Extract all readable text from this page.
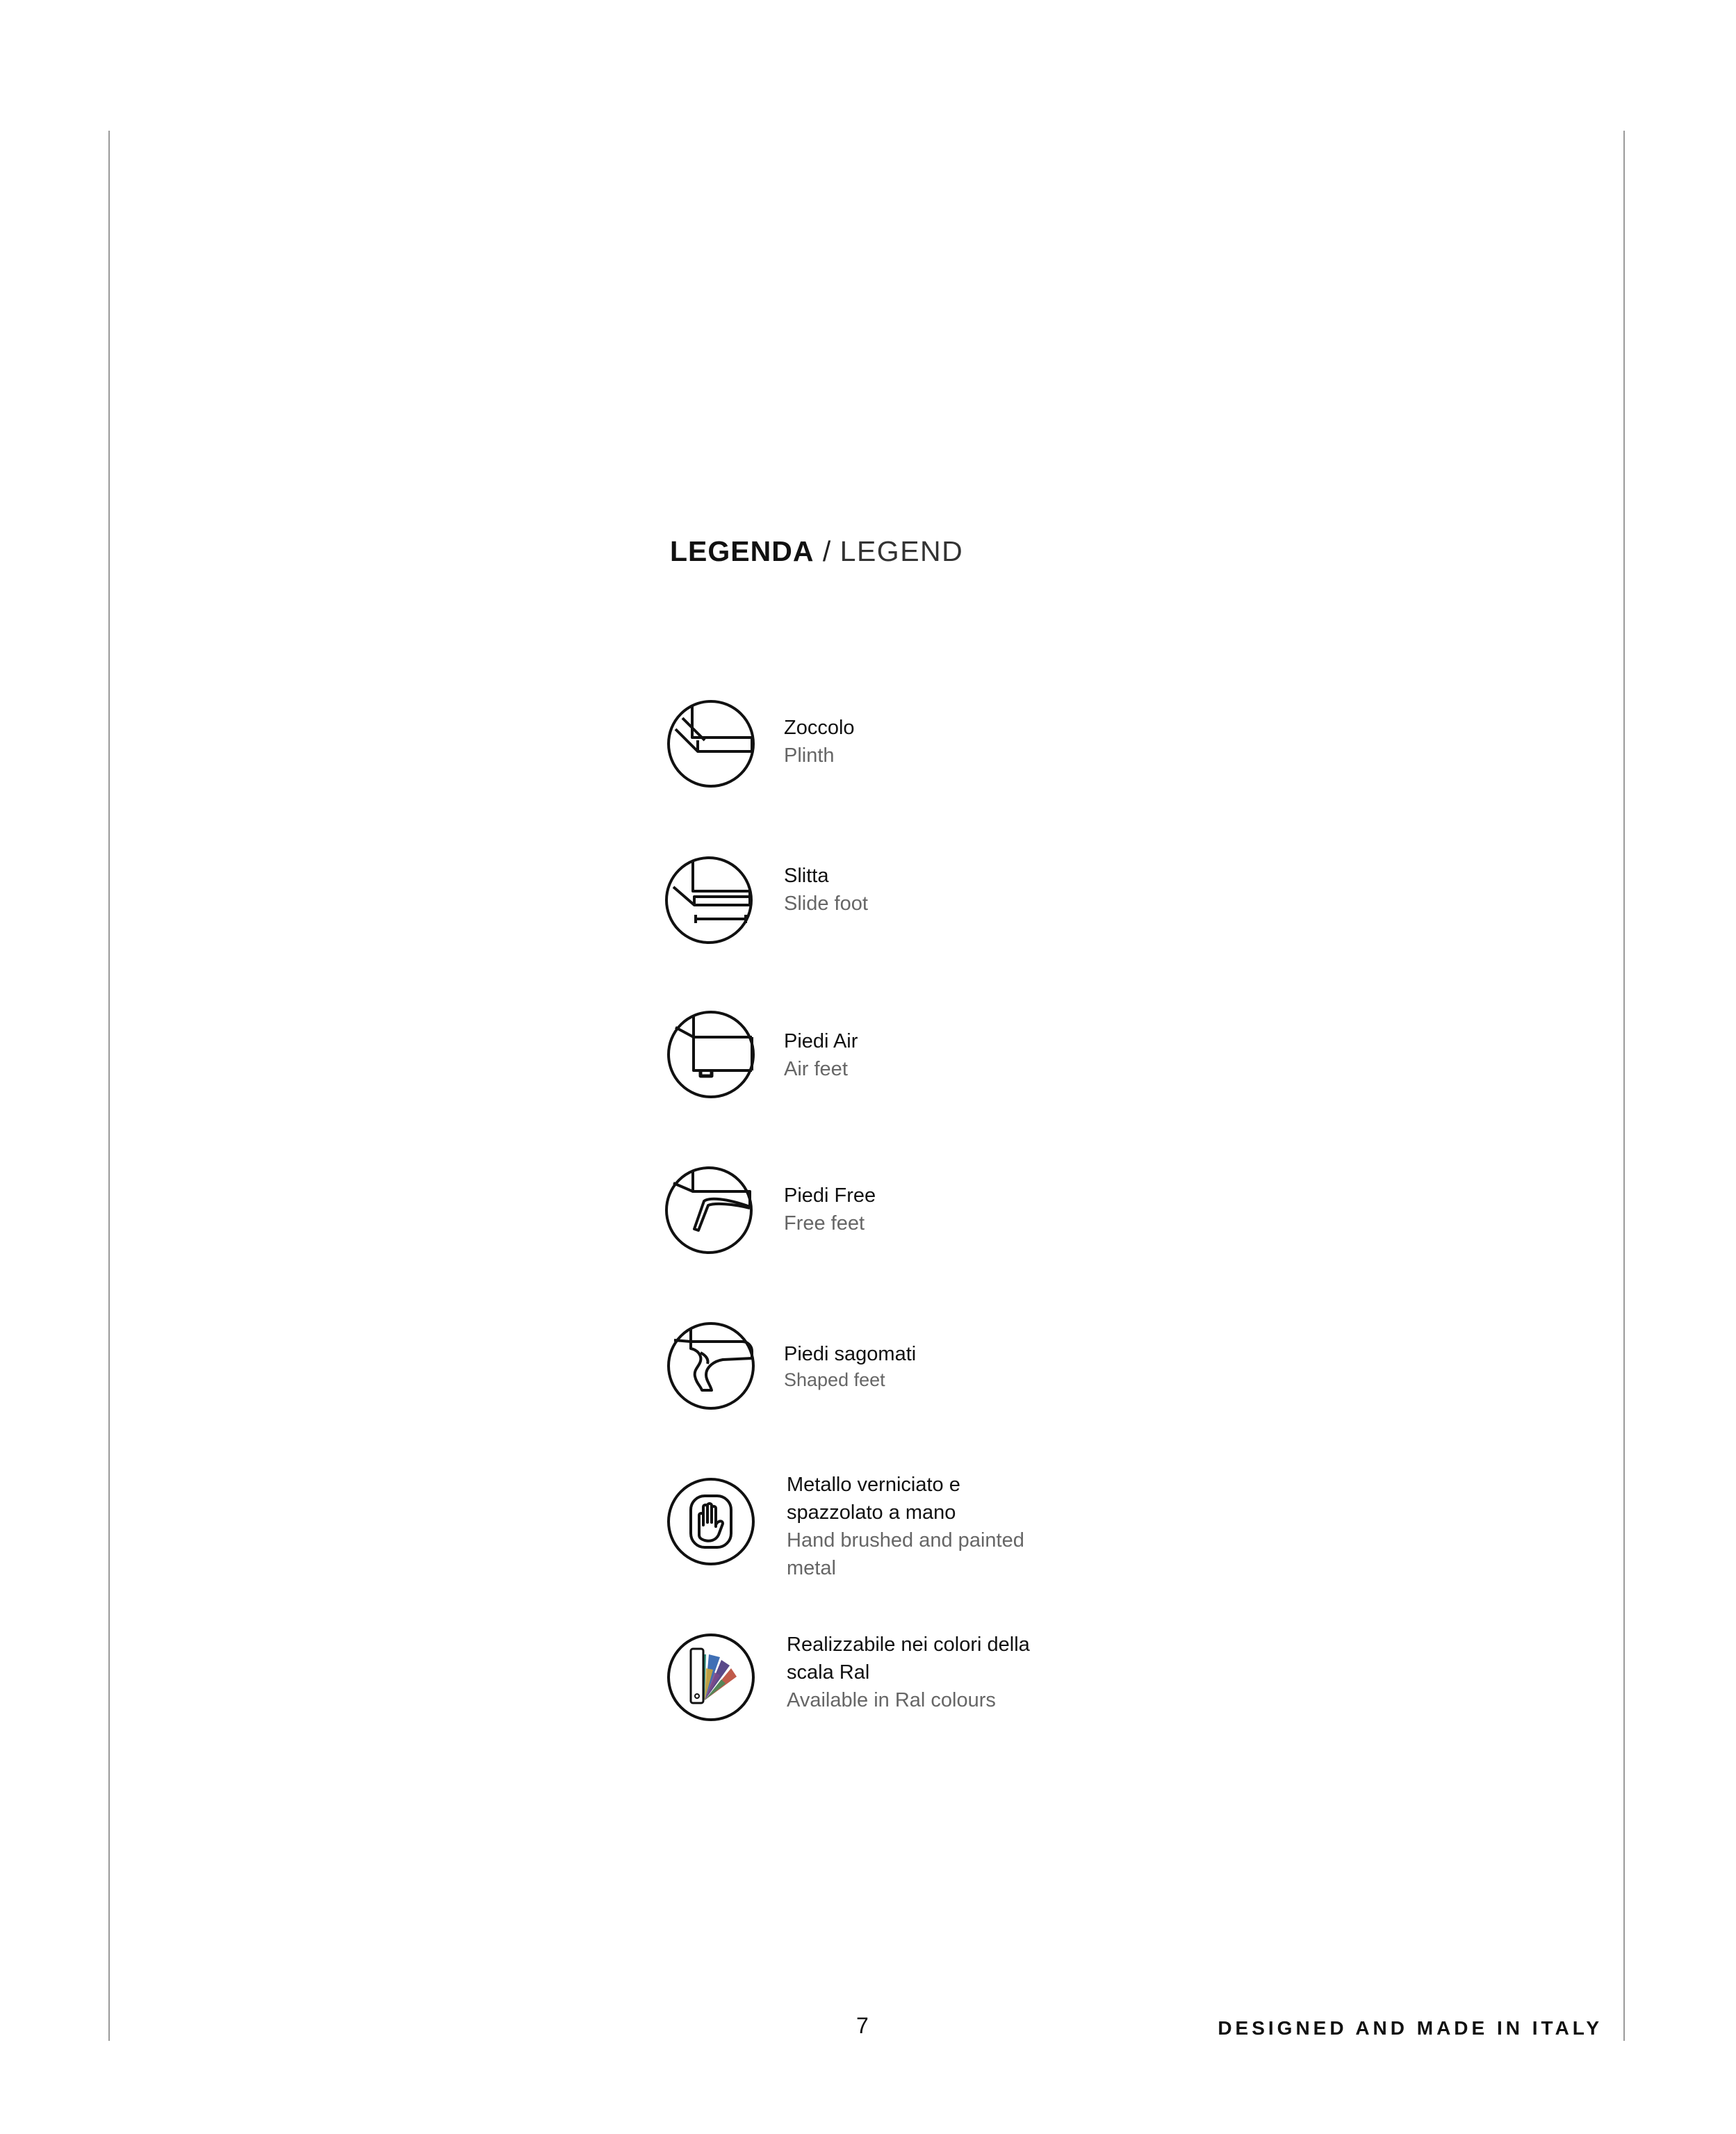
LEGENDA / LEGEND
Zoccolo
Plinth
Slitta
Slide foot
Piedi Air
Air feet
Piedi Free
Free feet
Piedi sagomati
Shaped feet
Metallo verniciato e
spazzolato a mano
Hand brushed and painted
metal
Realizzabile nei colori della
scala Ral
Available in Ral colours
7	DESIGNED AND MADE IN ITALY
